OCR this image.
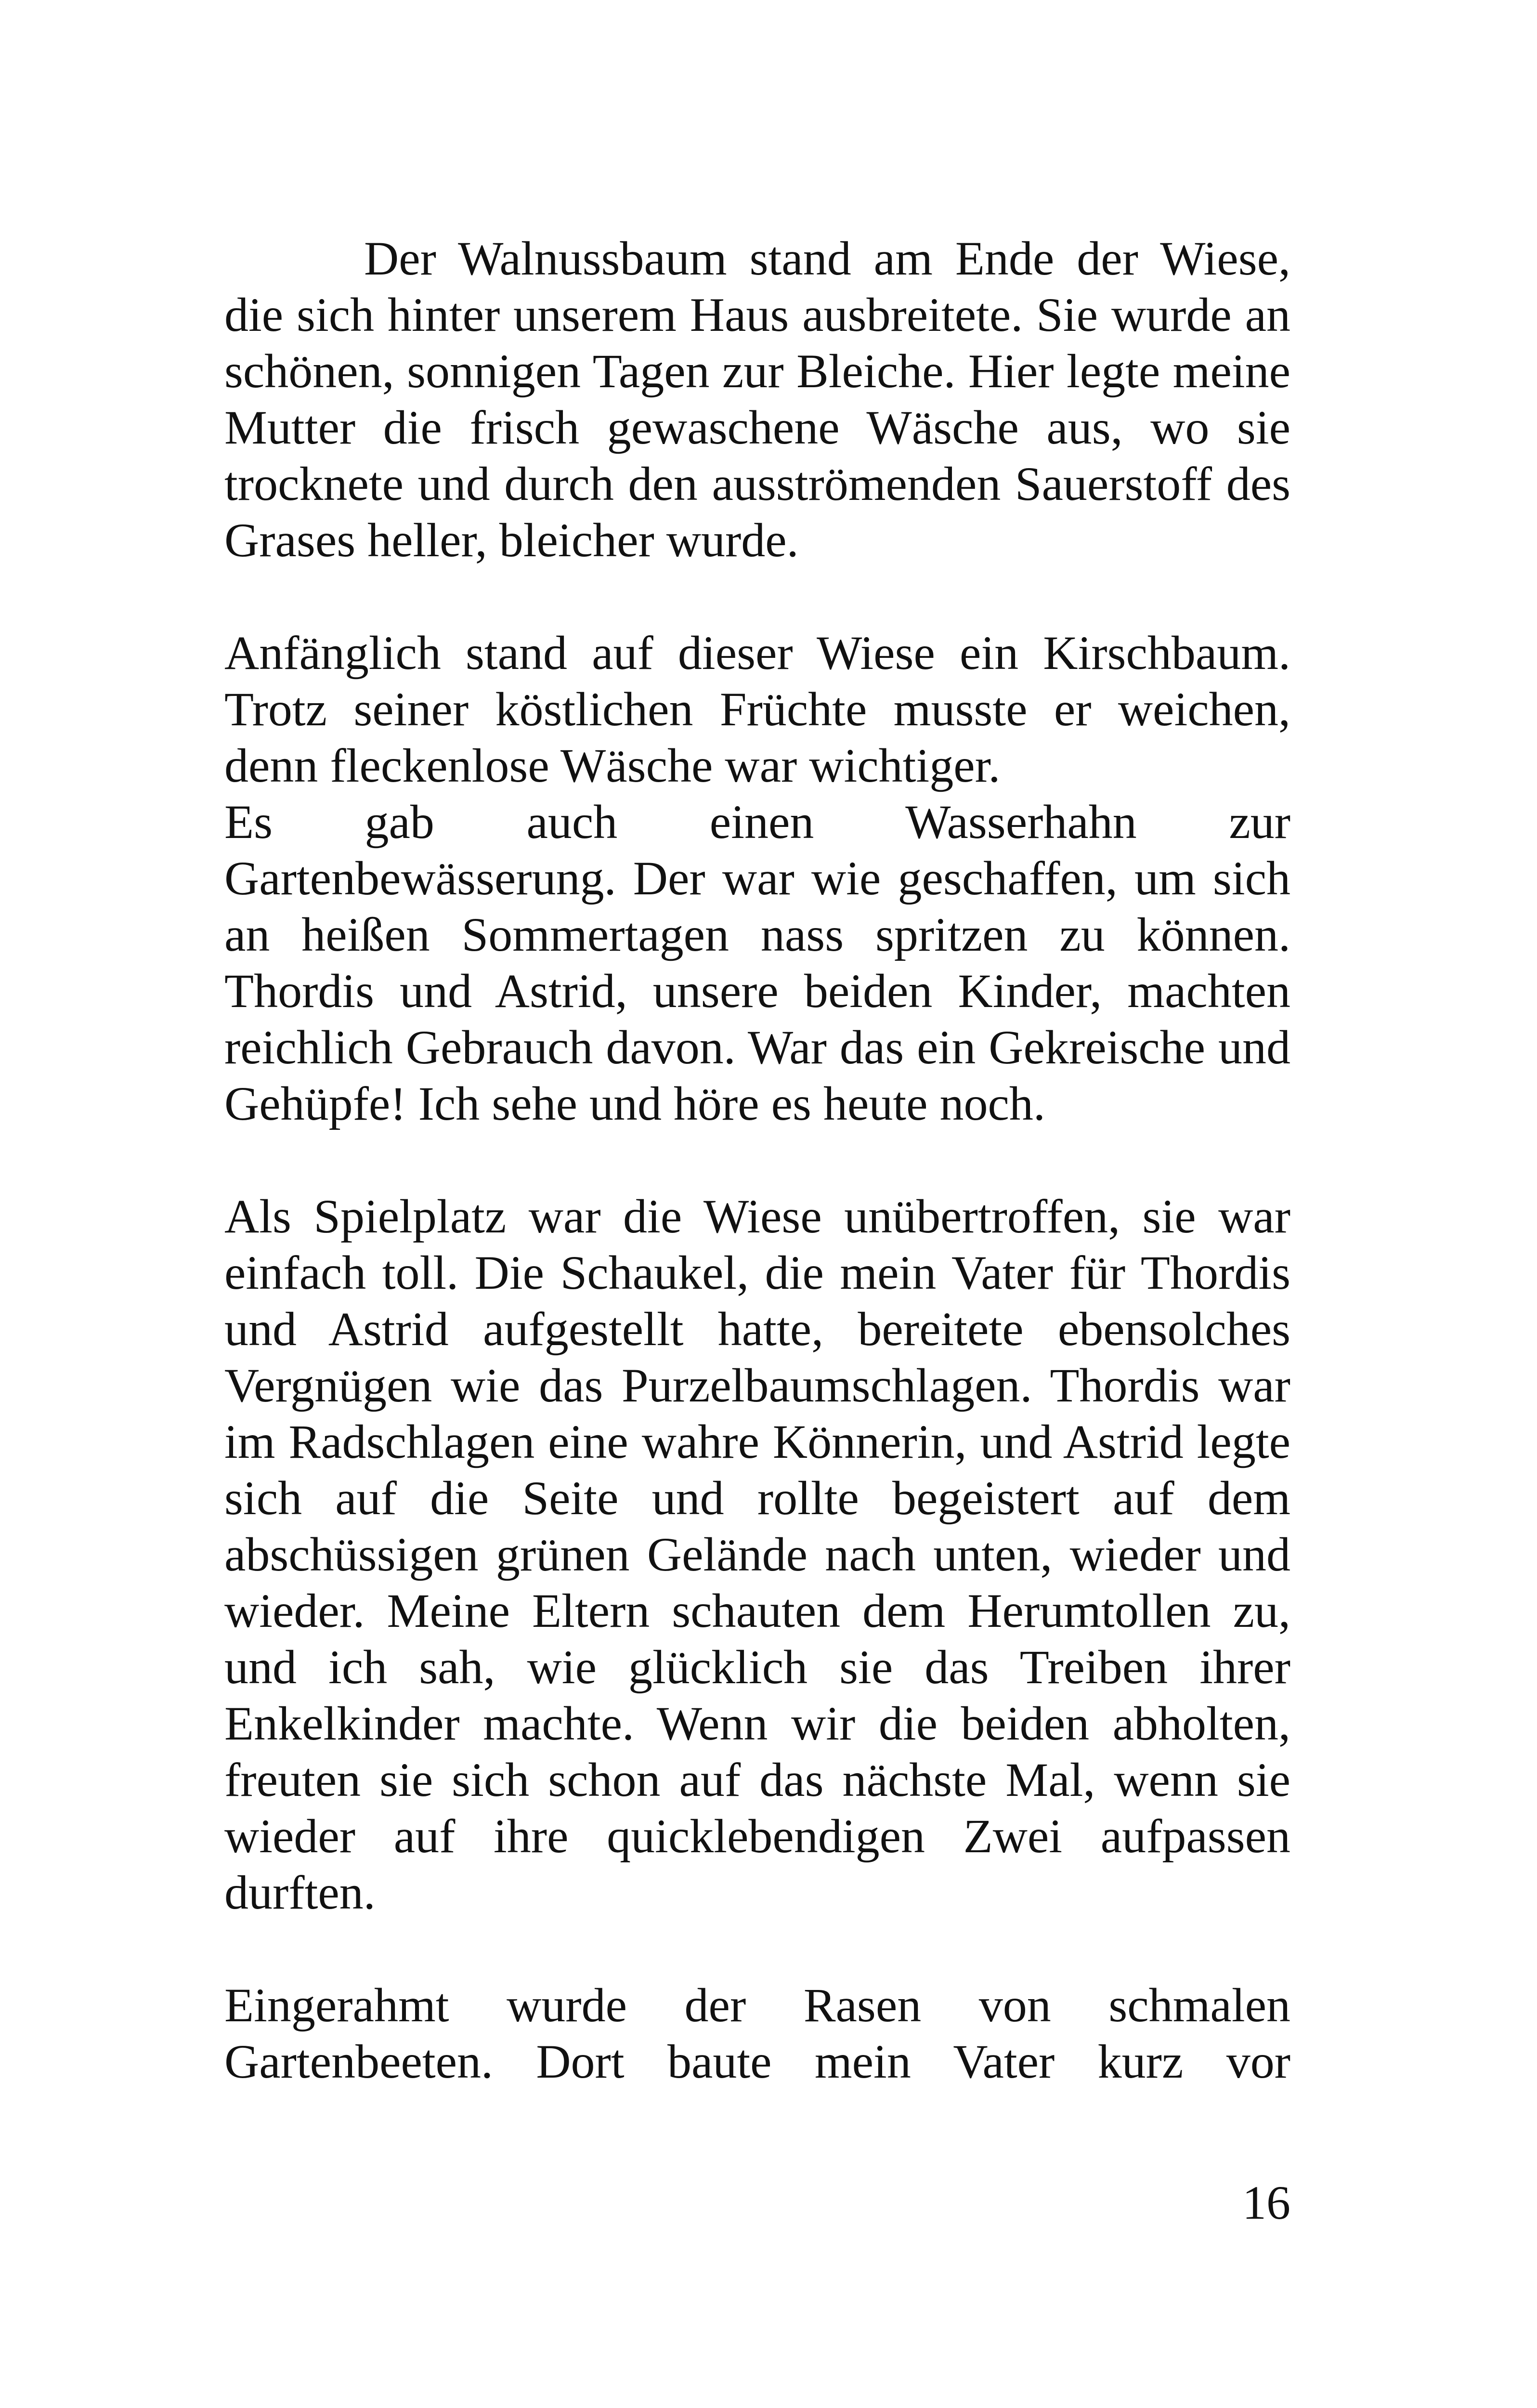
Der Walnussbaum stand am Ende der Wiese, die sich hinter unserem Haus ausbreitete. Sie wurde an schönen, sonnigen Tagen zur Bleiche. Hier legte meine Mutter die frisch gewaschene Wäsche aus, wo sie trocknete und durch den ausströmenden Sauerstoff des Grases heller, bleicher wurde.

Anfänglich stand auf dieser Wiese ein Kirschbaum. Trotz seiner köstlichen Früchte musste er weichen, denn fleckenlose Wäsche war wichtiger.

Es gab auch einen Wasserhahn zur Gartenbewässerung. Der war wie geschaffen, um sich an heißen Sommertagen nass spritzen zu können. Thordis und Astrid, unsere beiden Kinder, machten reichlich Gebrauch davon. War das ein Gekreische und Gehüpfe! Ich sehe und höre es heute noch.

Als Spielplatz war die Wiese unübertroffen, sie war einfach toll. Die Schaukel, die mein Vater für Thordis und Astrid aufgestellt hatte, bereitete ebensolches Vergnügen wie das Purzelbaumschlagen. Thordis war im Radschlagen eine wahre Könnerin, und Astrid legte sich auf die Seite und rollte begeistert auf dem abschüssigen grünen Gelände nach unten, wieder und wieder. Meine Eltern schauten dem Herumtollen zu, und ich sah, wie glücklich sie das Treiben ihrer Enkelkinder machte. Wenn wir die beiden abholten, freuten sie sich schon auf das nächste Mal, wenn sie wieder auf ihre quicklebendigen Zwei aufpassen durften.

Eingerahmt wurde der Rasen von schmalen Gartenbeeten. Dort baute mein Vater kurz vor

16
